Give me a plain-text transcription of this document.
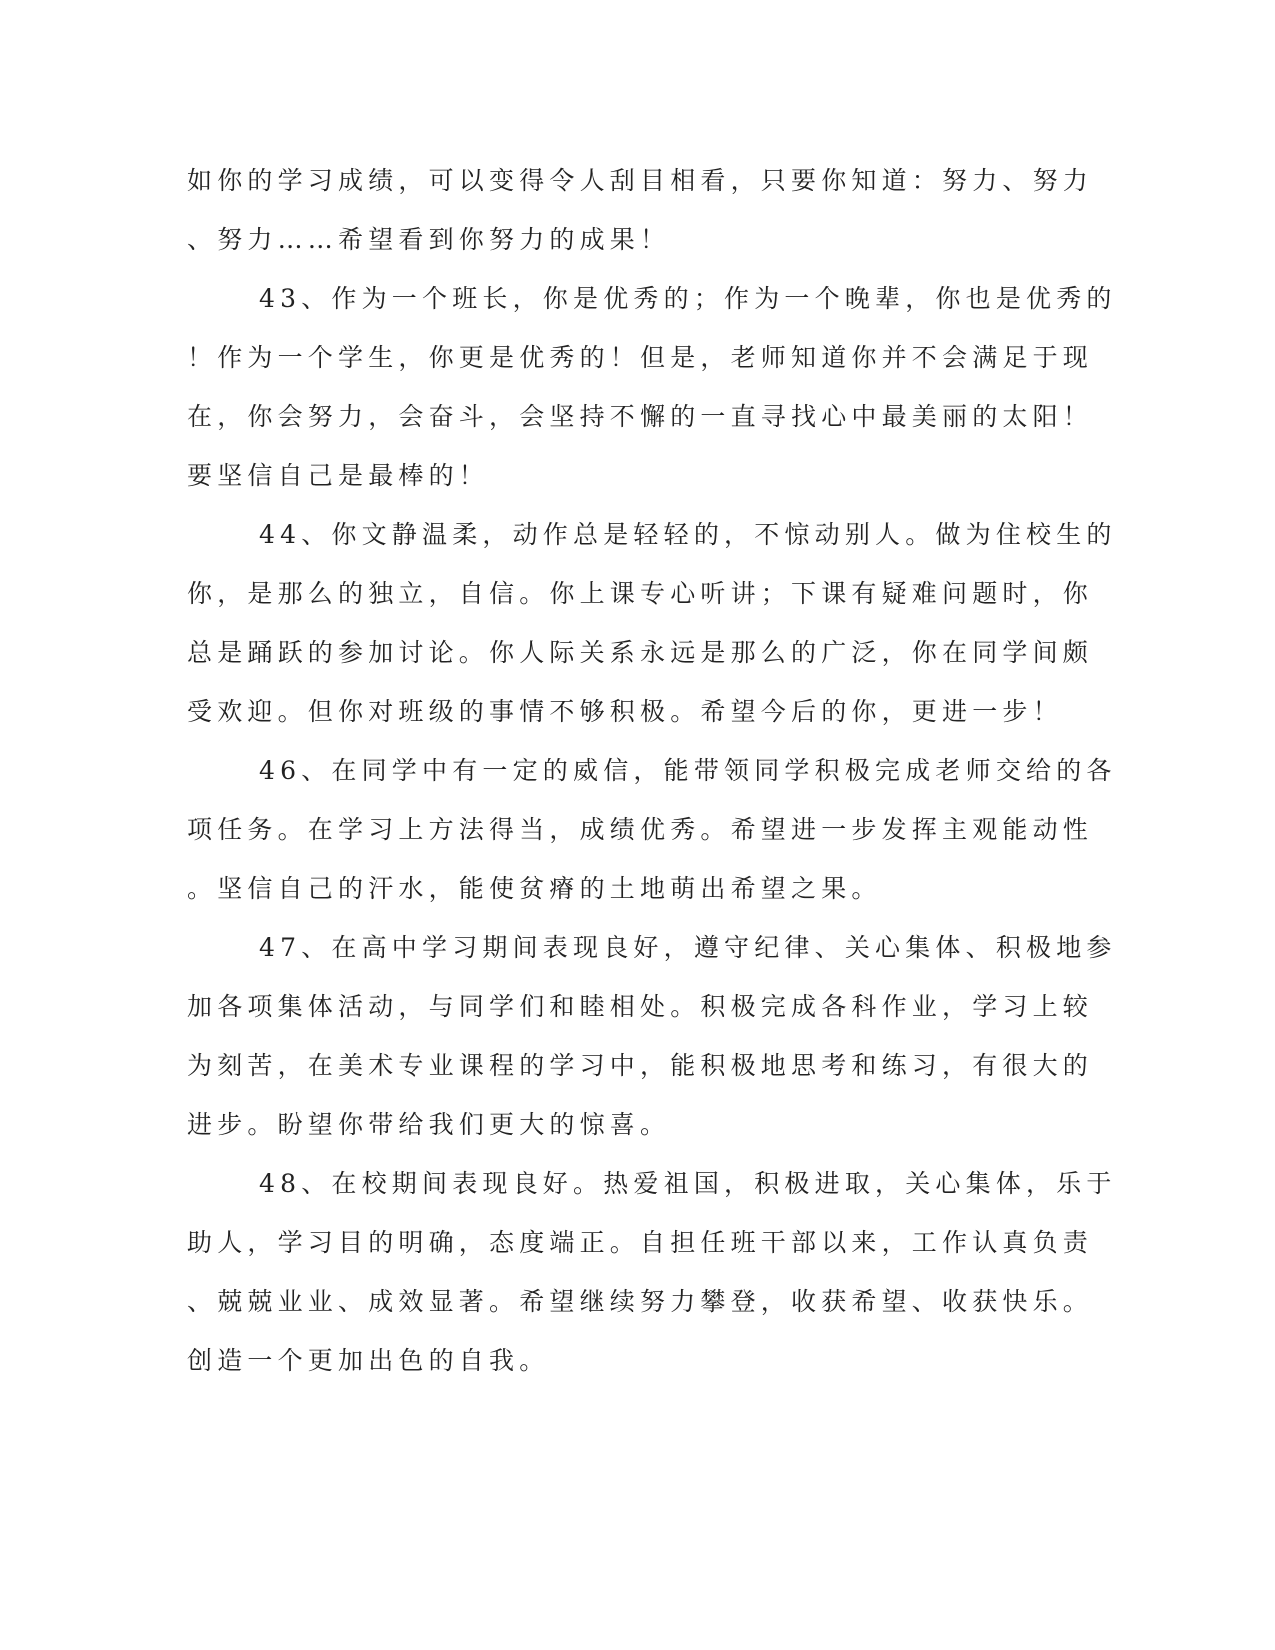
如你的学习成绩，可以变得令人刮目相看，只要你知道：努力、努力
、努力……希望看到你努力的成果！
43、作为一个班长，你是优秀的；作为一个晚辈，你也是优秀的
！作为一个学生，你更是优秀的！但是，老师知道你并不会满足于现
在，你会努力，会奋斗，会坚持不懈的一直寻找心中最美丽的太阳！
要坚信自己是最棒的！
44、你文静温柔，动作总是轻轻的，不惊动别人。做为住校生的
你，是那么的独立，自信。你上课专心听讲；下课有疑难问题时，你
总是踊跃的参加讨论。你人际关系永远是那么的广泛，你在同学间颇
受欢迎。但你对班级的事情不够积极。希望今后的你，更进一步！
46、在同学中有一定的威信，能带领同学积极完成老师交给的各
项任务。在学习上方法得当，成绩优秀。希望进一步发挥主观能动性
。坚信自己的汗水，能使贫瘠的土地萌出希望之果。
47、在高中学习期间表现良好，遵守纪律、关心集体、积极地参
加各项集体活动，与同学们和睦相处。积极完成各科作业，学习上较
为刻苦，在美术专业课程的学习中，能积极地思考和练习，有很大的
进步。盼望你带给我们更大的惊喜。
48、在校期间表现良好。热爱祖国，积极进取，关心集体，乐于
助人，学习目的明确，态度端正。自担任班干部以来，工作认真负责
、兢兢业业、成效显著。希望继续努力攀登，收获希望、收获快乐。
创造一个更加出色的自我。
